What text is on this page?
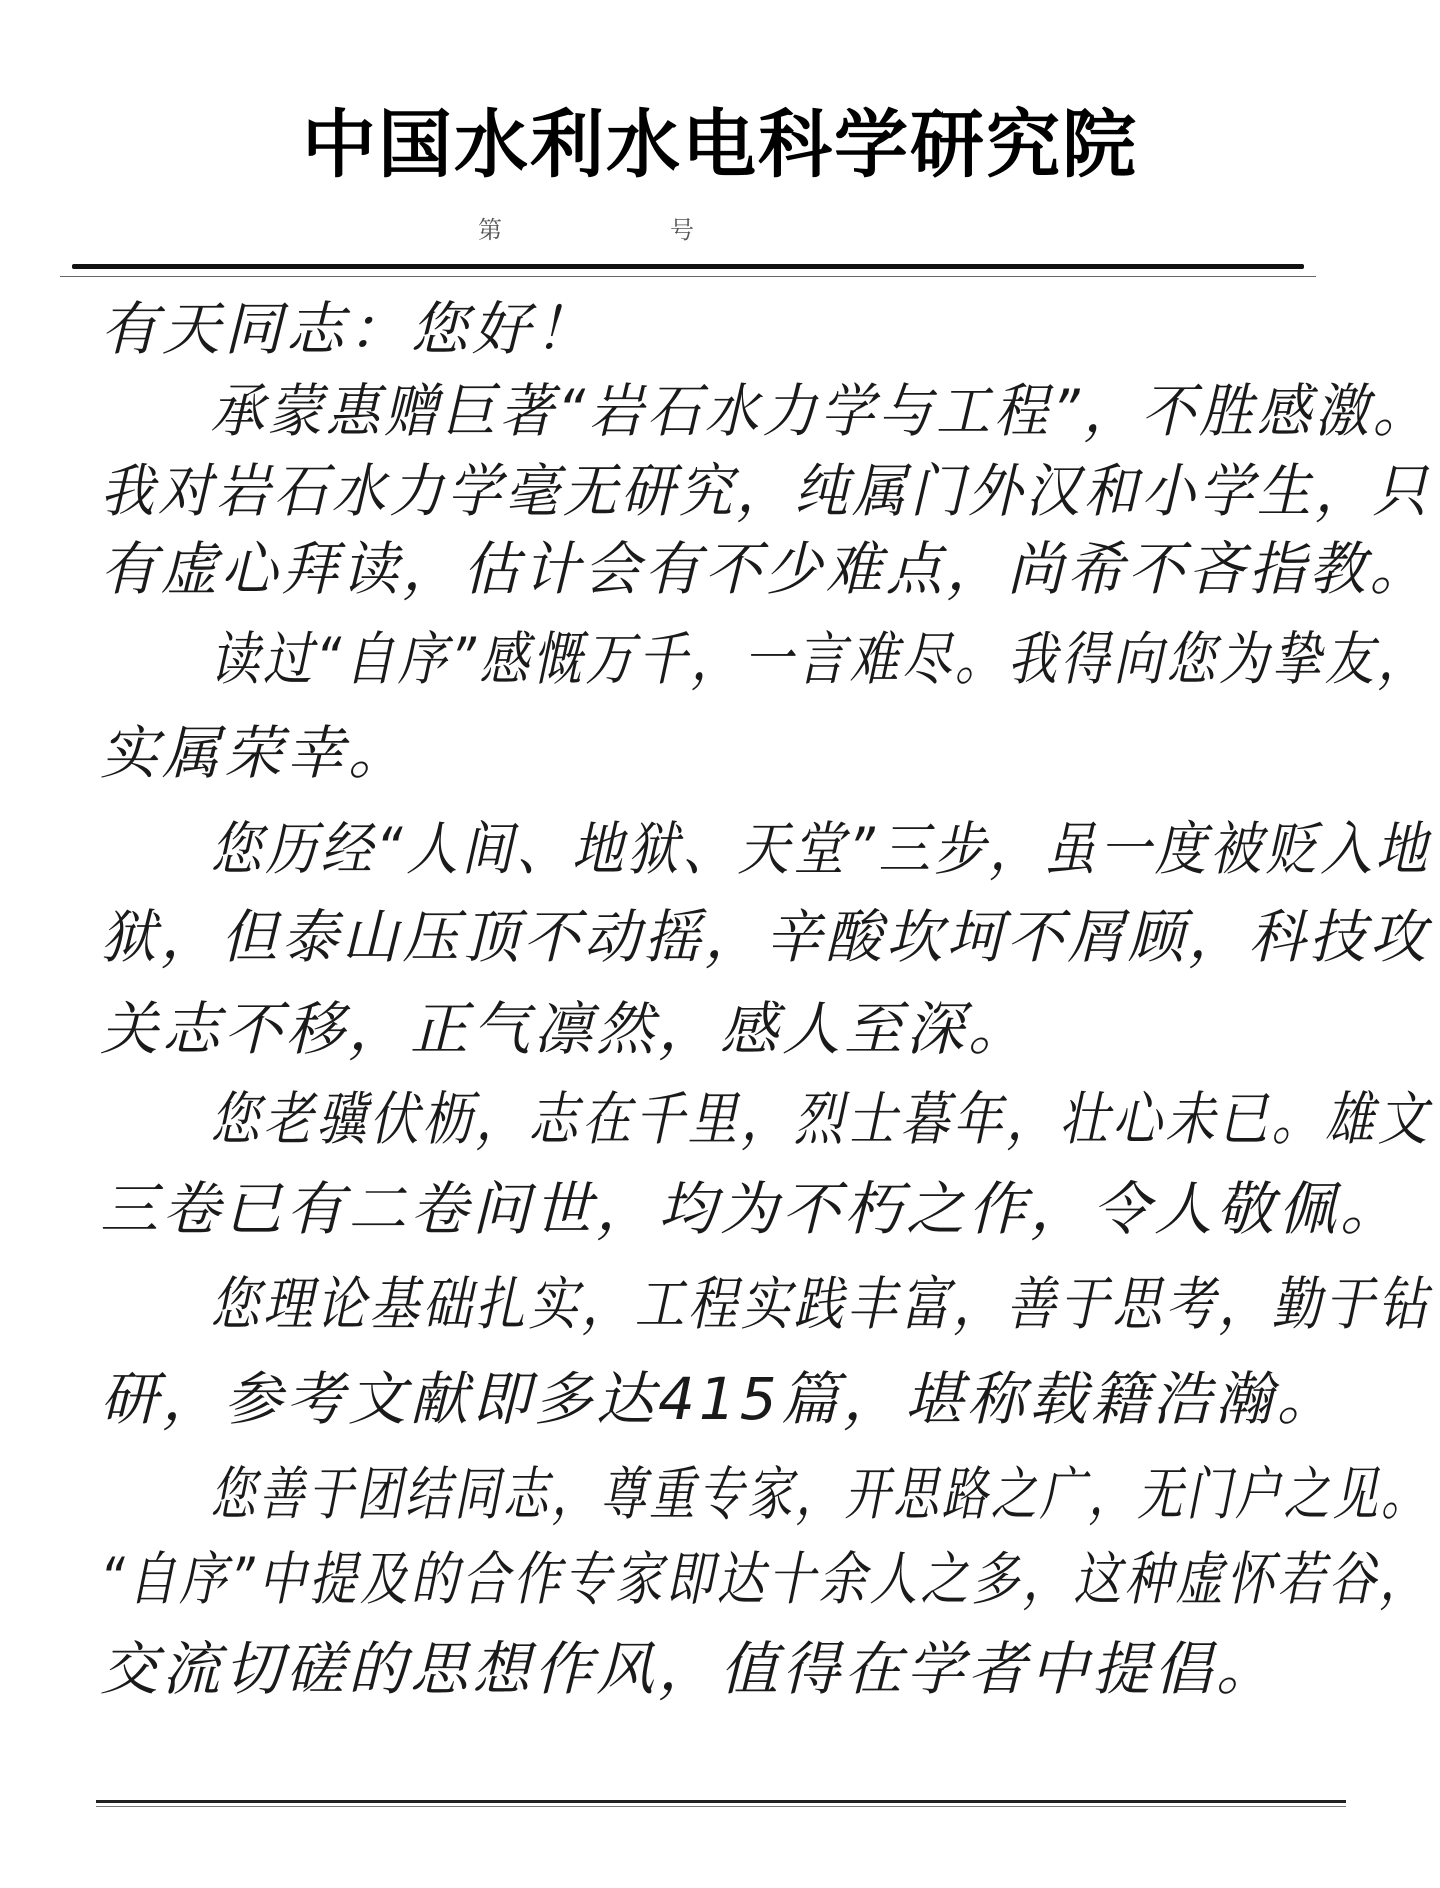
中国水利水电科学研究院
第	号
有天同志：您好！
承蒙惠赠巨著“岩石水力学与工程”，不胜感激。
我对岩石水力学毫无研究，纯属门外汉和小学生，只
有虚心拜读，估计会有不少难点，尚希不吝指教。
读过“自序”感慨万千，一言难尽。我得向您为挚友，
实属荣幸。
您历经“人间、地狱、天堂”三步，虽一度被贬入地
狱，但泰山压顶不动摇，辛酸坎坷不屑顾，科技攻
关志不移，正气凛然，感人至深。
您老骥伏枥，志在千里，烈士暮年，壮心未已。雄文
三卷已有二卷问世，均为不朽之作，令人敬佩。
您理论基础扎实，工程实践丰富，善于思考，勤于钻
研，参考文献即多达415篇，堪称载籍浩瀚。
您善于团结同志，尊重专家，开思路之广，无门户之见。
“自序”中提及的合作专家即达十余人之多，这种虚怀若谷，
交流切磋的思想作风，值得在学者中提倡。
